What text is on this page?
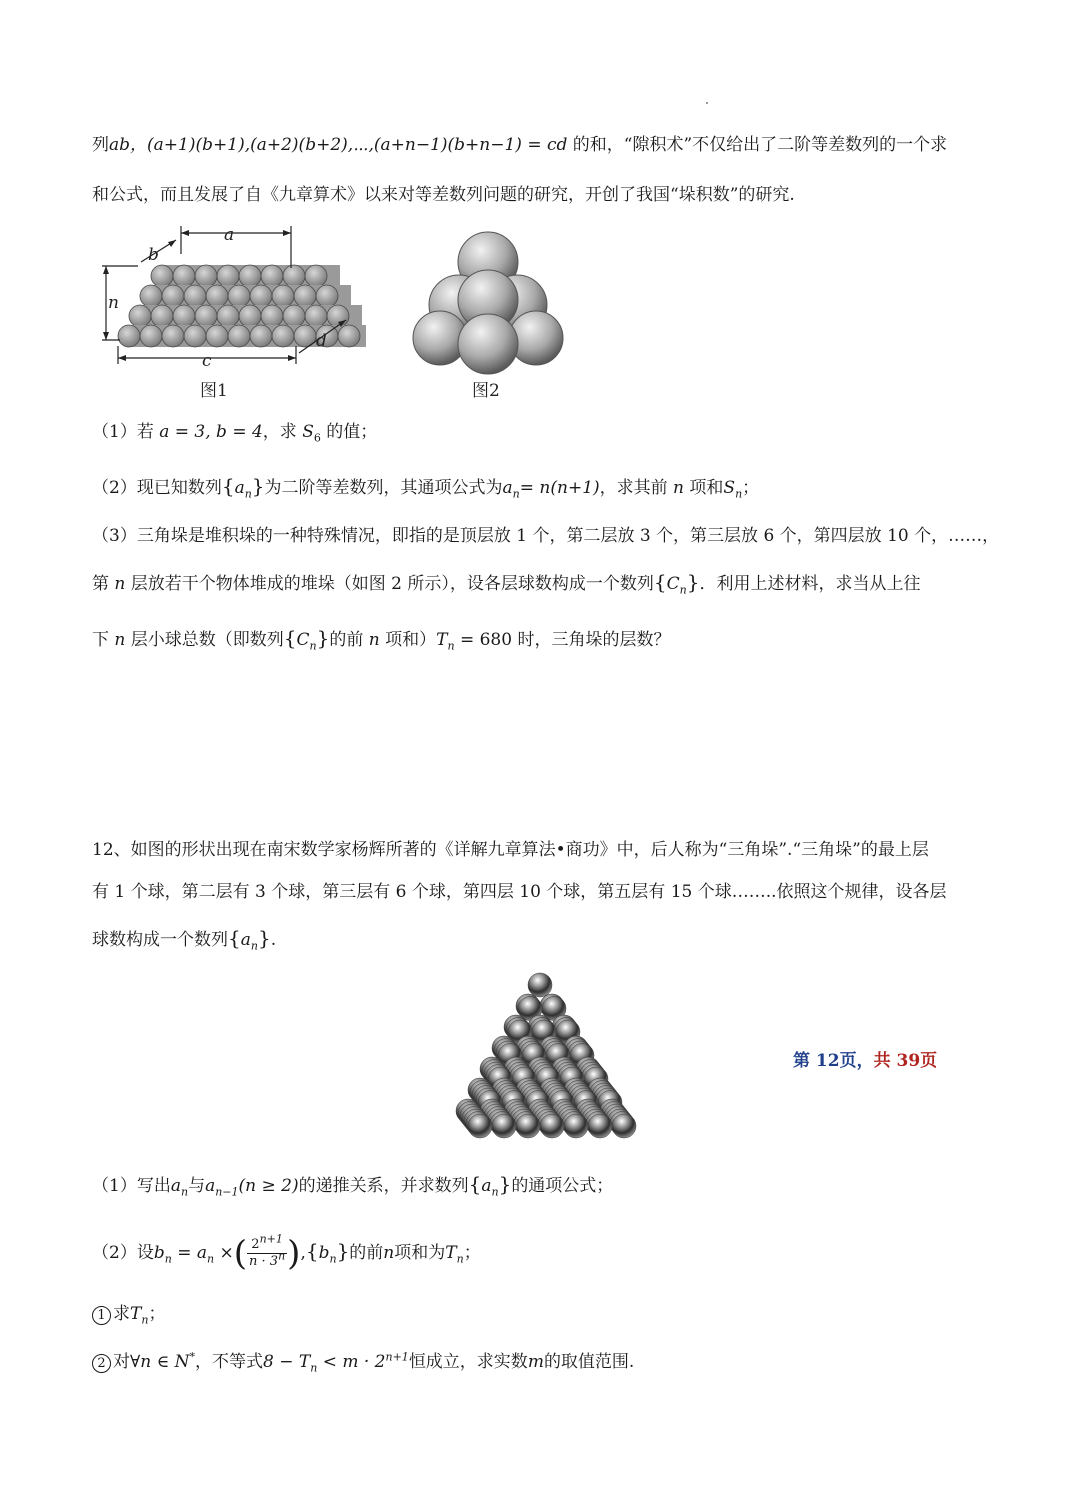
列ab，(a+1)(b+1),(a+2)(b+2),⋯,(a+n−1)(b+n−1) = cd 的和，“隙积术”不仅给出了二阶等差数列的一个求
和公式，而且发展了自《九章算术》以来对等差数列问题的研究，开创了我国“垛积数”的研究.
a
b
n
c
d
图1	图2
（1）若 a = 3, b = 4，求 $S_6$ 的值；
（2）现已知数列$\{a_n\}$为二阶等差数列，其通项公式为$a_n= n(n+1)$，求其前 n 项和$S_n$；
（3）三角垛是堆积垛的一种特殊情况，即指的是顶层放 1 个，第二层放 3 个，第三层放 6 个，第四层放 10 个，……，
第 n 层放若干个物体堆成的堆垛（如图 2 所示），设各层球数构成一个数列$\{C_n\}$．利用上述材料，求当从上往
下 n 层小球总数（即数列$\{C_n\}$的前 n 项和）$T_n = 680$ 时，三角垛的层数？
12、如图的形状出现在南宋数学家杨辉所著的《详解九章算法•商功》中，后人称为“三角垛”.“三角垛”的最上层
有 1 个球，第二层有 3 个球，第三层有 6 个球，第四层 10 个球，第五层有 15 个球……..依照这个规律，设各层
球数构成一个数列$\{a_n\}$.
（1）写出$a_n$与$a_{n-1}(n \ge 2)$的递推关系，并求数列$\{a_n\}$的通项公式；
（2）设$b_n = a_n$ ×( $\frac{2^{n+1}}{n \cdot 3^n} ),\{b_n\}$的前n项和为$T_n$；
1 求$T_n$；
2 对∀n ∈ N*，不等式$8 - T_n < m \cdot 2^{n+1}$恒成立，求实数m的取值范围.
第 12页，共 39页
